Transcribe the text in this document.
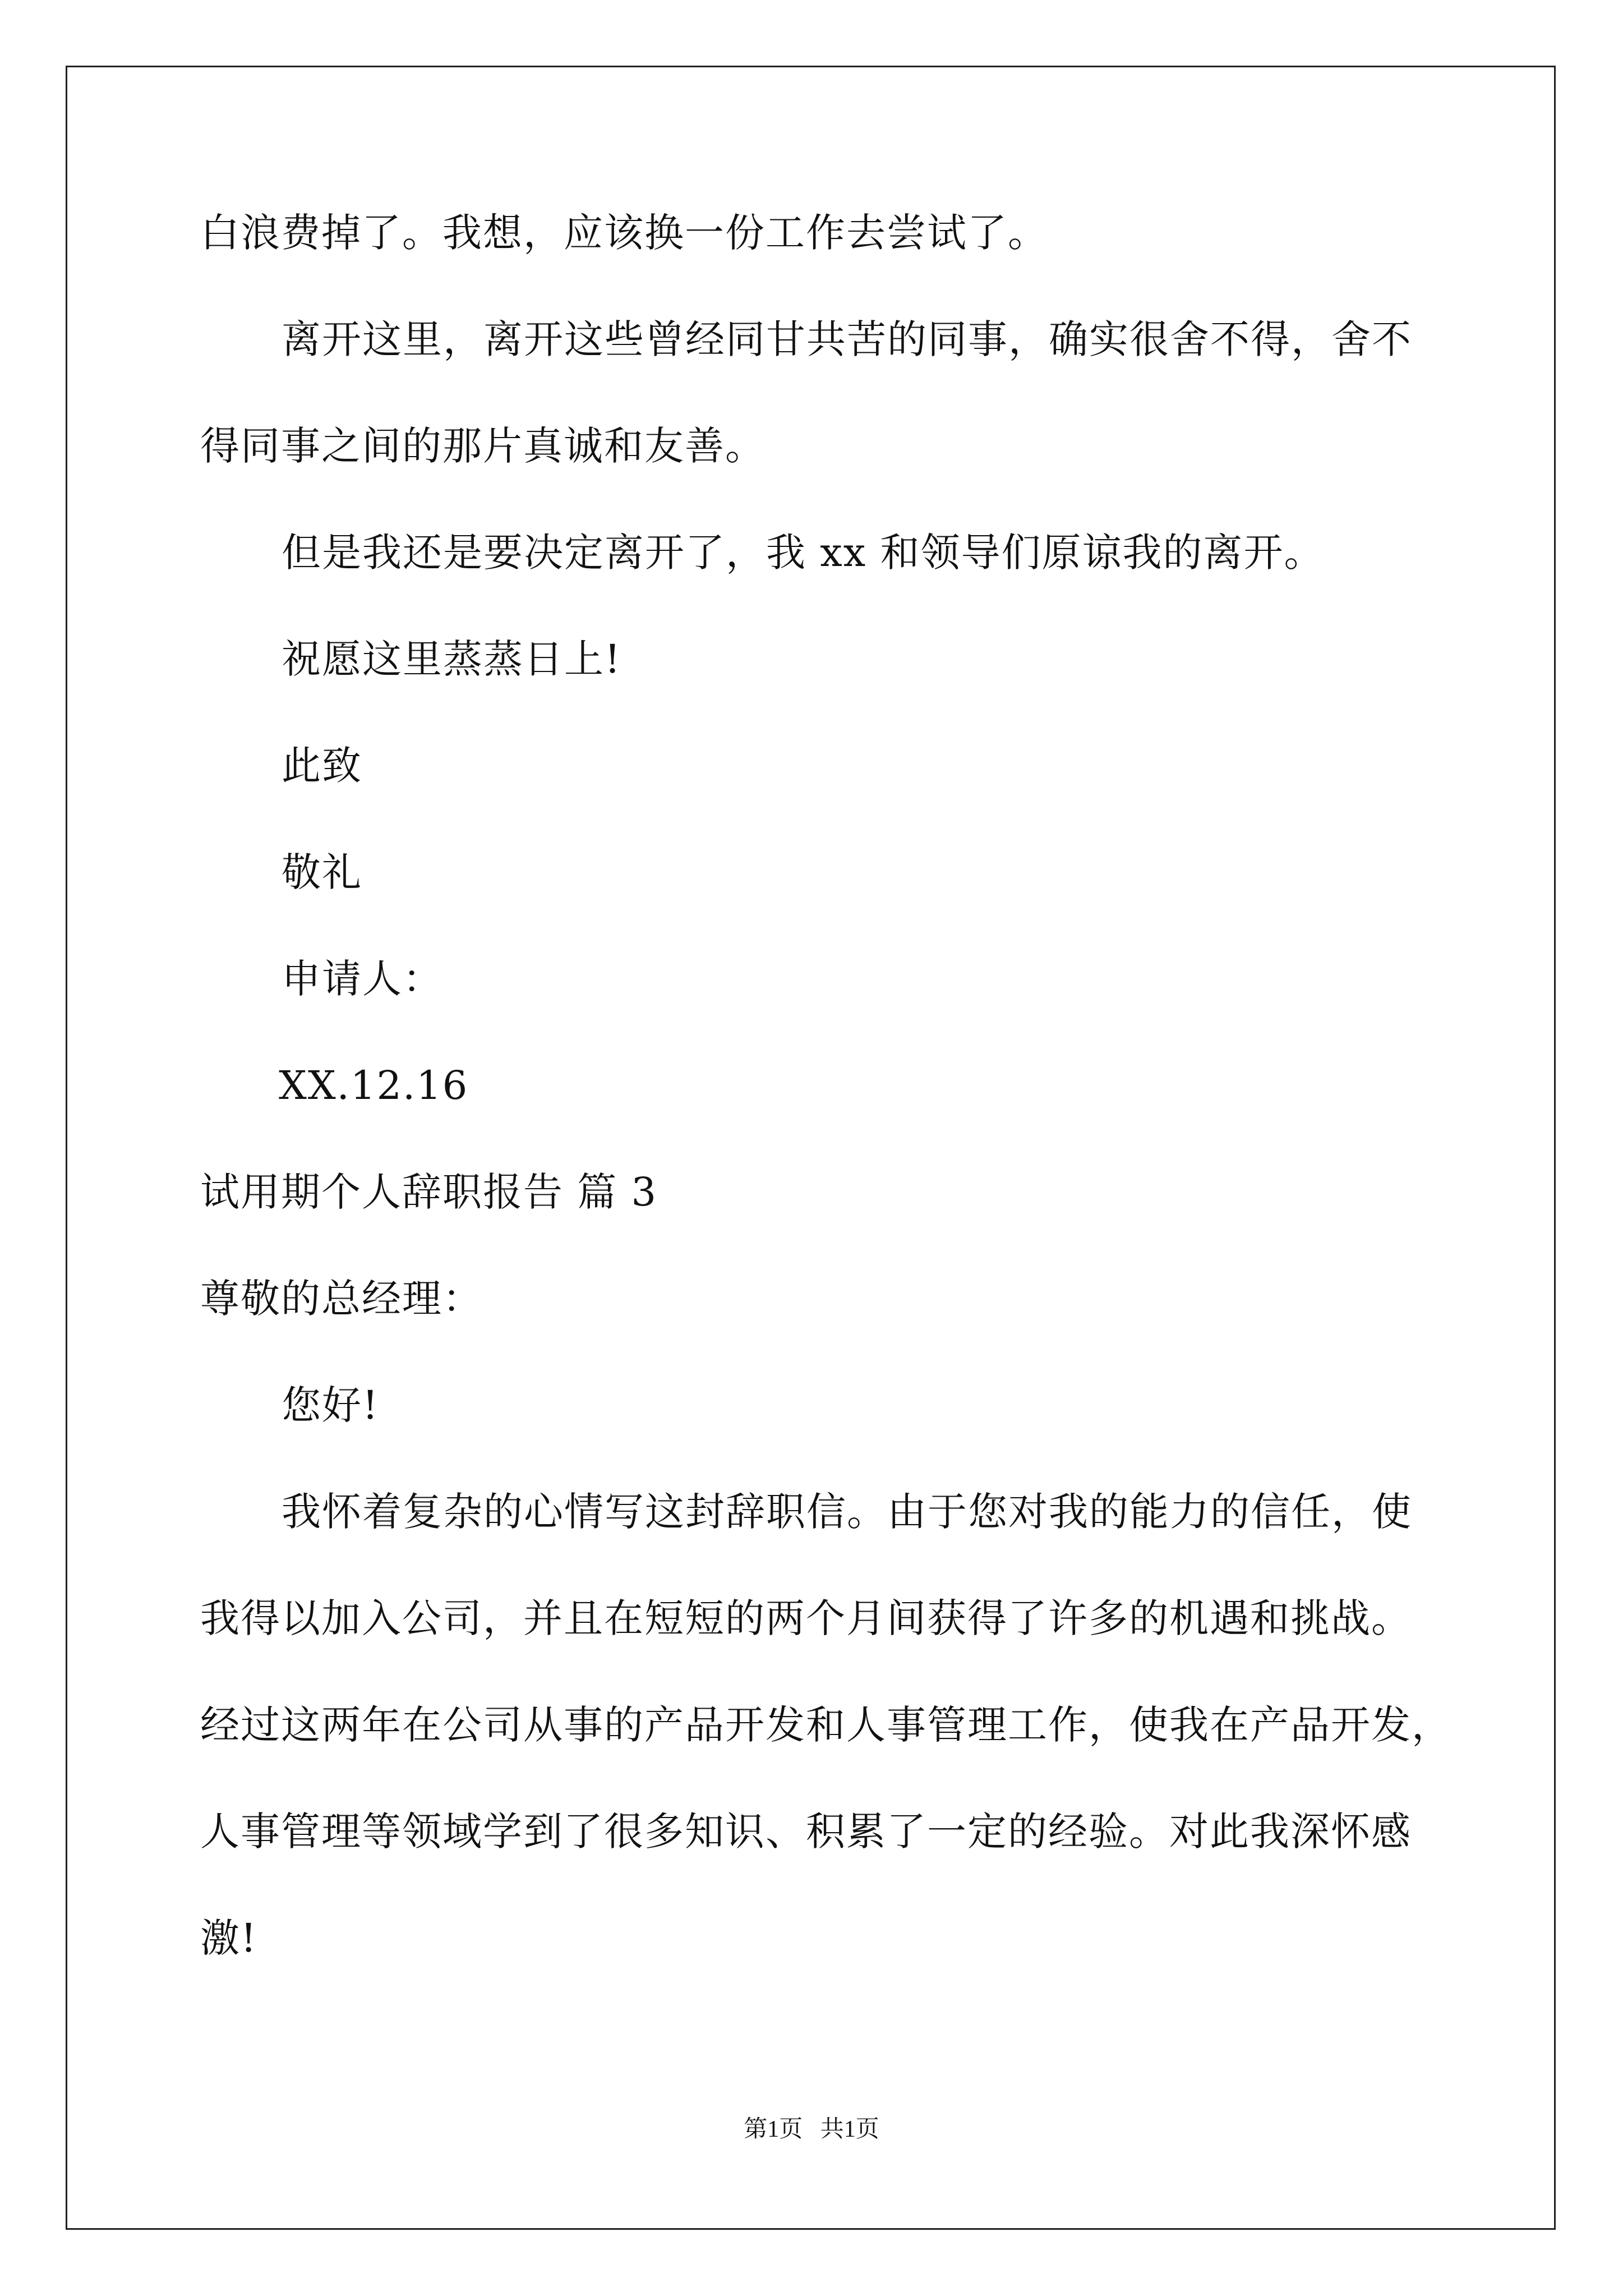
白浪费掉了。我想，应该换一份工作去尝试了。
离开这里，离开这些曾经同甘共苦的同事，确实很舍不得，舍不
得同事之间的那片真诚和友善。
但是我还是要决定离开了，我 xx 和领导们原谅我的离开。
祝愿这里蒸蒸日上!
此致
敬礼
申请人：
XX.12.16
试用期个人辞职报告 篇 3
尊敬的总经理：
您好!
我怀着复杂的心情写这封辞职信。由于您对我的能力的信任，使
我得以加入公司，并且在短短的两个月间获得了许多的机遇和挑战。
经过这两年在公司从事的产品开发和人事管理工作，使我在产品开发，
人事管理等领域学到了很多知识、积累了一定的经验。对此我深怀感
激!
第1页   共1页
